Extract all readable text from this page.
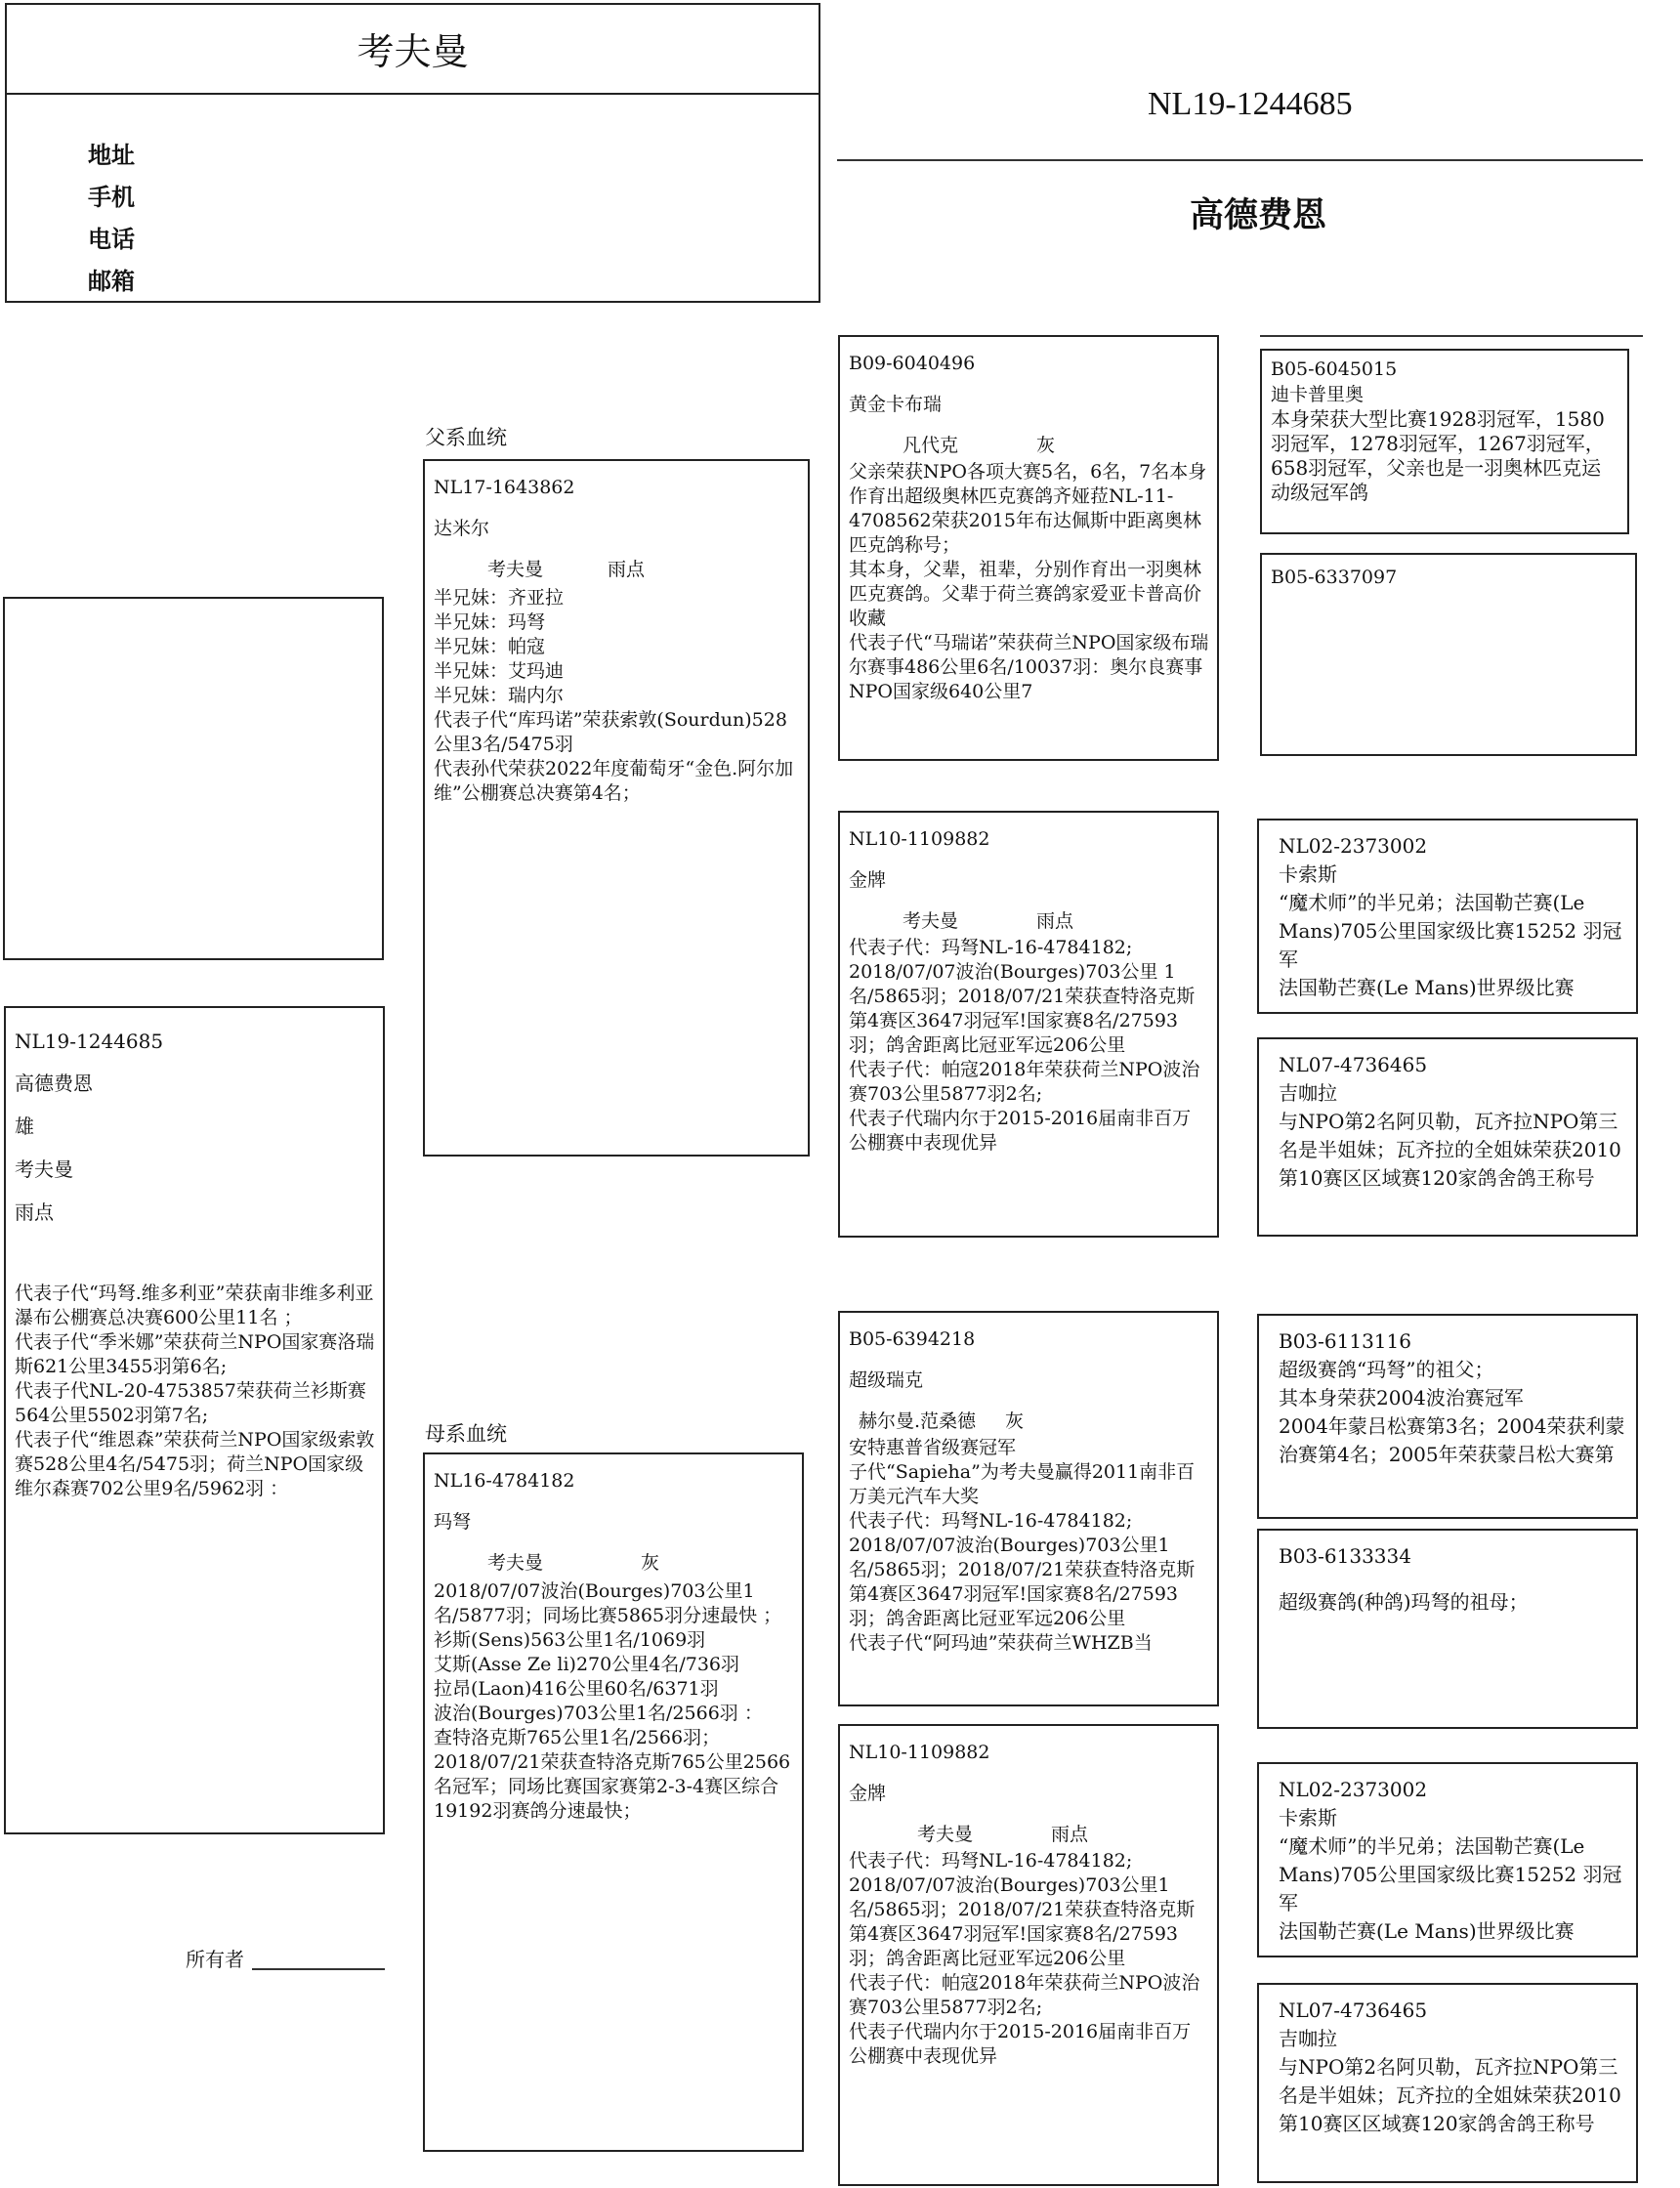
考夫曼
地址
手机
电话
邮箱
NL19-1244685
高德费恩
NL19-1244685
高德费恩
雄
考夫曼
雨点
代表子代“玛弩.维多利亚”荣获南非维多利亚瀑布公棚赛总决赛600公里11名 ；
代表子代“季米娜”荣获荷兰NPO国家赛洛瑞斯621公里3455羽第6名;
代表子代NL-20-4753857荣获荷兰衫斯赛564公里5502羽第7名;
代表子代“维恩森”荣获荷兰NPO国家级索敦赛528公里4名/5475羽；荷兰NPO国家级维尔森赛702公里9名/5962羽 ：
所有者
父系血统
NL17-1643862
达米尔
考夫曼	雨点
半兄妹：齐亚拉
半兄妹：玛弩
半兄妹：帕寇
半兄妹：艾玛迪
半兄妹：瑞内尔
代表子代“库玛诺”荣获索敦(Sourdun)528公里3名/5475羽
代表孙代荣获2022年度葡萄牙“金色.阿尔加维”公棚赛总决赛第4名；
母系血统
NL16-4784182
玛弩
考夫曼	灰
2018/07/07波治(Bourges)703公里1名/5877羽；同场比赛5865羽分速最快 ；
衫斯(Sens)563公里1名/1069羽
艾斯(Asse Ze li)270公里4名/736羽
拉昂(Laon)416公里60名/6371羽
波治(Bourges)703公里1名/2566羽 ：
查特洛克斯765公里1名/2566羽；
2018/07/21荣获查特洛克斯765公里2566名冠军；同场比赛国家赛第2-3-4赛区综合19192羽赛鸽分速最快；
B09-6040496
黄金卡布瑞
凡代克	灰
父亲荣获NPO各项大赛5名，6名，7名本身作育出超级奥林匹克赛鸽齐娅菈NL-11-4708562荣获2015年布达佩斯中距离奥林匹克鸽称号；
其本身，父辈，祖辈，分别作育出一羽奥林匹克赛鸽。父辈于荷兰赛鸽家爱亚卡普高价收藏
代表子代“马瑞诺”荣获荷兰NPO国家级布瑞尔赛事486公里6名/10037羽：奥尔良赛事NPO国家级640公里7
NL10-1109882
金牌
考夫曼	雨点
代表子代：玛弩NL-16-4784182;
2018/07/07波治(Bourges)703公里 1名/5865羽；2018/07/21荣获查特洛克斯第4赛区3647羽冠军!国家赛8名/27593羽；鸽舍距离比冠亚军远206公里
代表子代：帕寇2018年荣获荷兰NPO波治赛703公里5877羽2名;
代表子代瑞内尔于2015-2016届南非百万公棚赛中表现优异
B05-6394218
超级瑞克
赫尔曼.范桑德 灰
安特惠普省级赛冠军
子代“Sapieha”为考夫曼赢得2011南非百万美元汽车大奖
代表子代：玛弩NL-16-4784182;
2018/07/07波治(Bourges)703公里1名/5865羽；2018/07/21荣获查特洛克斯第4赛区3647羽冠军!国家赛8名/27593羽；鸽舍距离比冠亚军远206公里
代表子代“阿玛迪”荣获荷兰WHZB当
NL10-1109882
金牌
考夫曼	雨点
代表子代：玛弩NL-16-4784182;
2018/07/07波治(Bourges)703公里1名/5865羽；2018/07/21荣获查特洛克斯第4赛区3647羽冠军!国家赛8名/27593羽；鸽舍距离比冠亚军远206公里
代表子代：帕寇2018年荣获荷兰NPO波治赛703公里5877羽2名;
代表子代瑞内尔于2015-2016届南非百万公棚赛中表现优异
B05-6045015
迪卡普里奥
本身荣获大型比赛1928羽冠军，1580羽冠军，1278羽冠军，1267羽冠军，658羽冠军，父亲也是一羽奥林匹克运动级冠军鸽
B05-6337097
NL02-2373002
卡索斯
“魔术师”的半兄弟；法国勒芒赛(Le Mans)705公里国家级比赛15252 羽冠军
法国勒芒赛(Le Mans)世界级比赛
NL07-4736465
吉咖拉
与NPO第2名阿贝勒，瓦齐拉NPO第三名是半姐妹；瓦齐拉的全姐妹荣获2010第10赛区区域赛120家鸽舍鸽王称号
B03-6113116
超级赛鸽“玛弩”的祖父；
其本身荣获2004波治赛冠军
2004年蒙吕松赛第3名；2004荣获利蒙治赛第4名；2005年荣获蒙吕松大赛第
B03-6133334
超级赛鸽(种鸽)玛弩的祖母；
NL02-2373002
卡索斯
“魔术师”的半兄弟；法国勒芒赛(Le Mans)705公里国家级比赛15252 羽冠军
法国勒芒赛(Le Mans)世界级比赛
NL07-4736465
吉咖拉
与NPO第2名阿贝勒，瓦齐拉NPO第三名是半姐妹；瓦齐拉的全姐妹荣获2010第10赛区区域赛120家鸽舍鸽王称号
